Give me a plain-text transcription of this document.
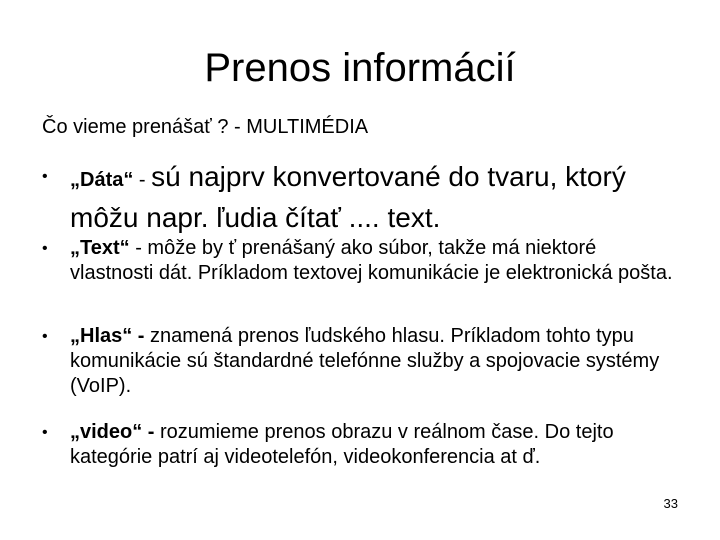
Prenos informácií
Čo vieme prenášať ? - MULTIMÉDIA
• „Dáta“ - sú najprv konvertované do tvaru, ktorý môžu napr. ľudia čítať .... text.
• „Text“ - môže by ť prenášaný ako súbor, takže má niektoré vlastnosti dát. Príkladom textovej komunikácie je elektronická pošta.
• „Hlas“ - znamená prenos ľudského hlasu. Príkladom tohto typu komunikácie sú štandardné telefónne služby a spojovacie systémy (VoIP).
• „video“ - rozumieme prenos obrazu v reálnom čase. Do tejto kategórie patrí aj videotelefón, videokonferencia at ď.
33
